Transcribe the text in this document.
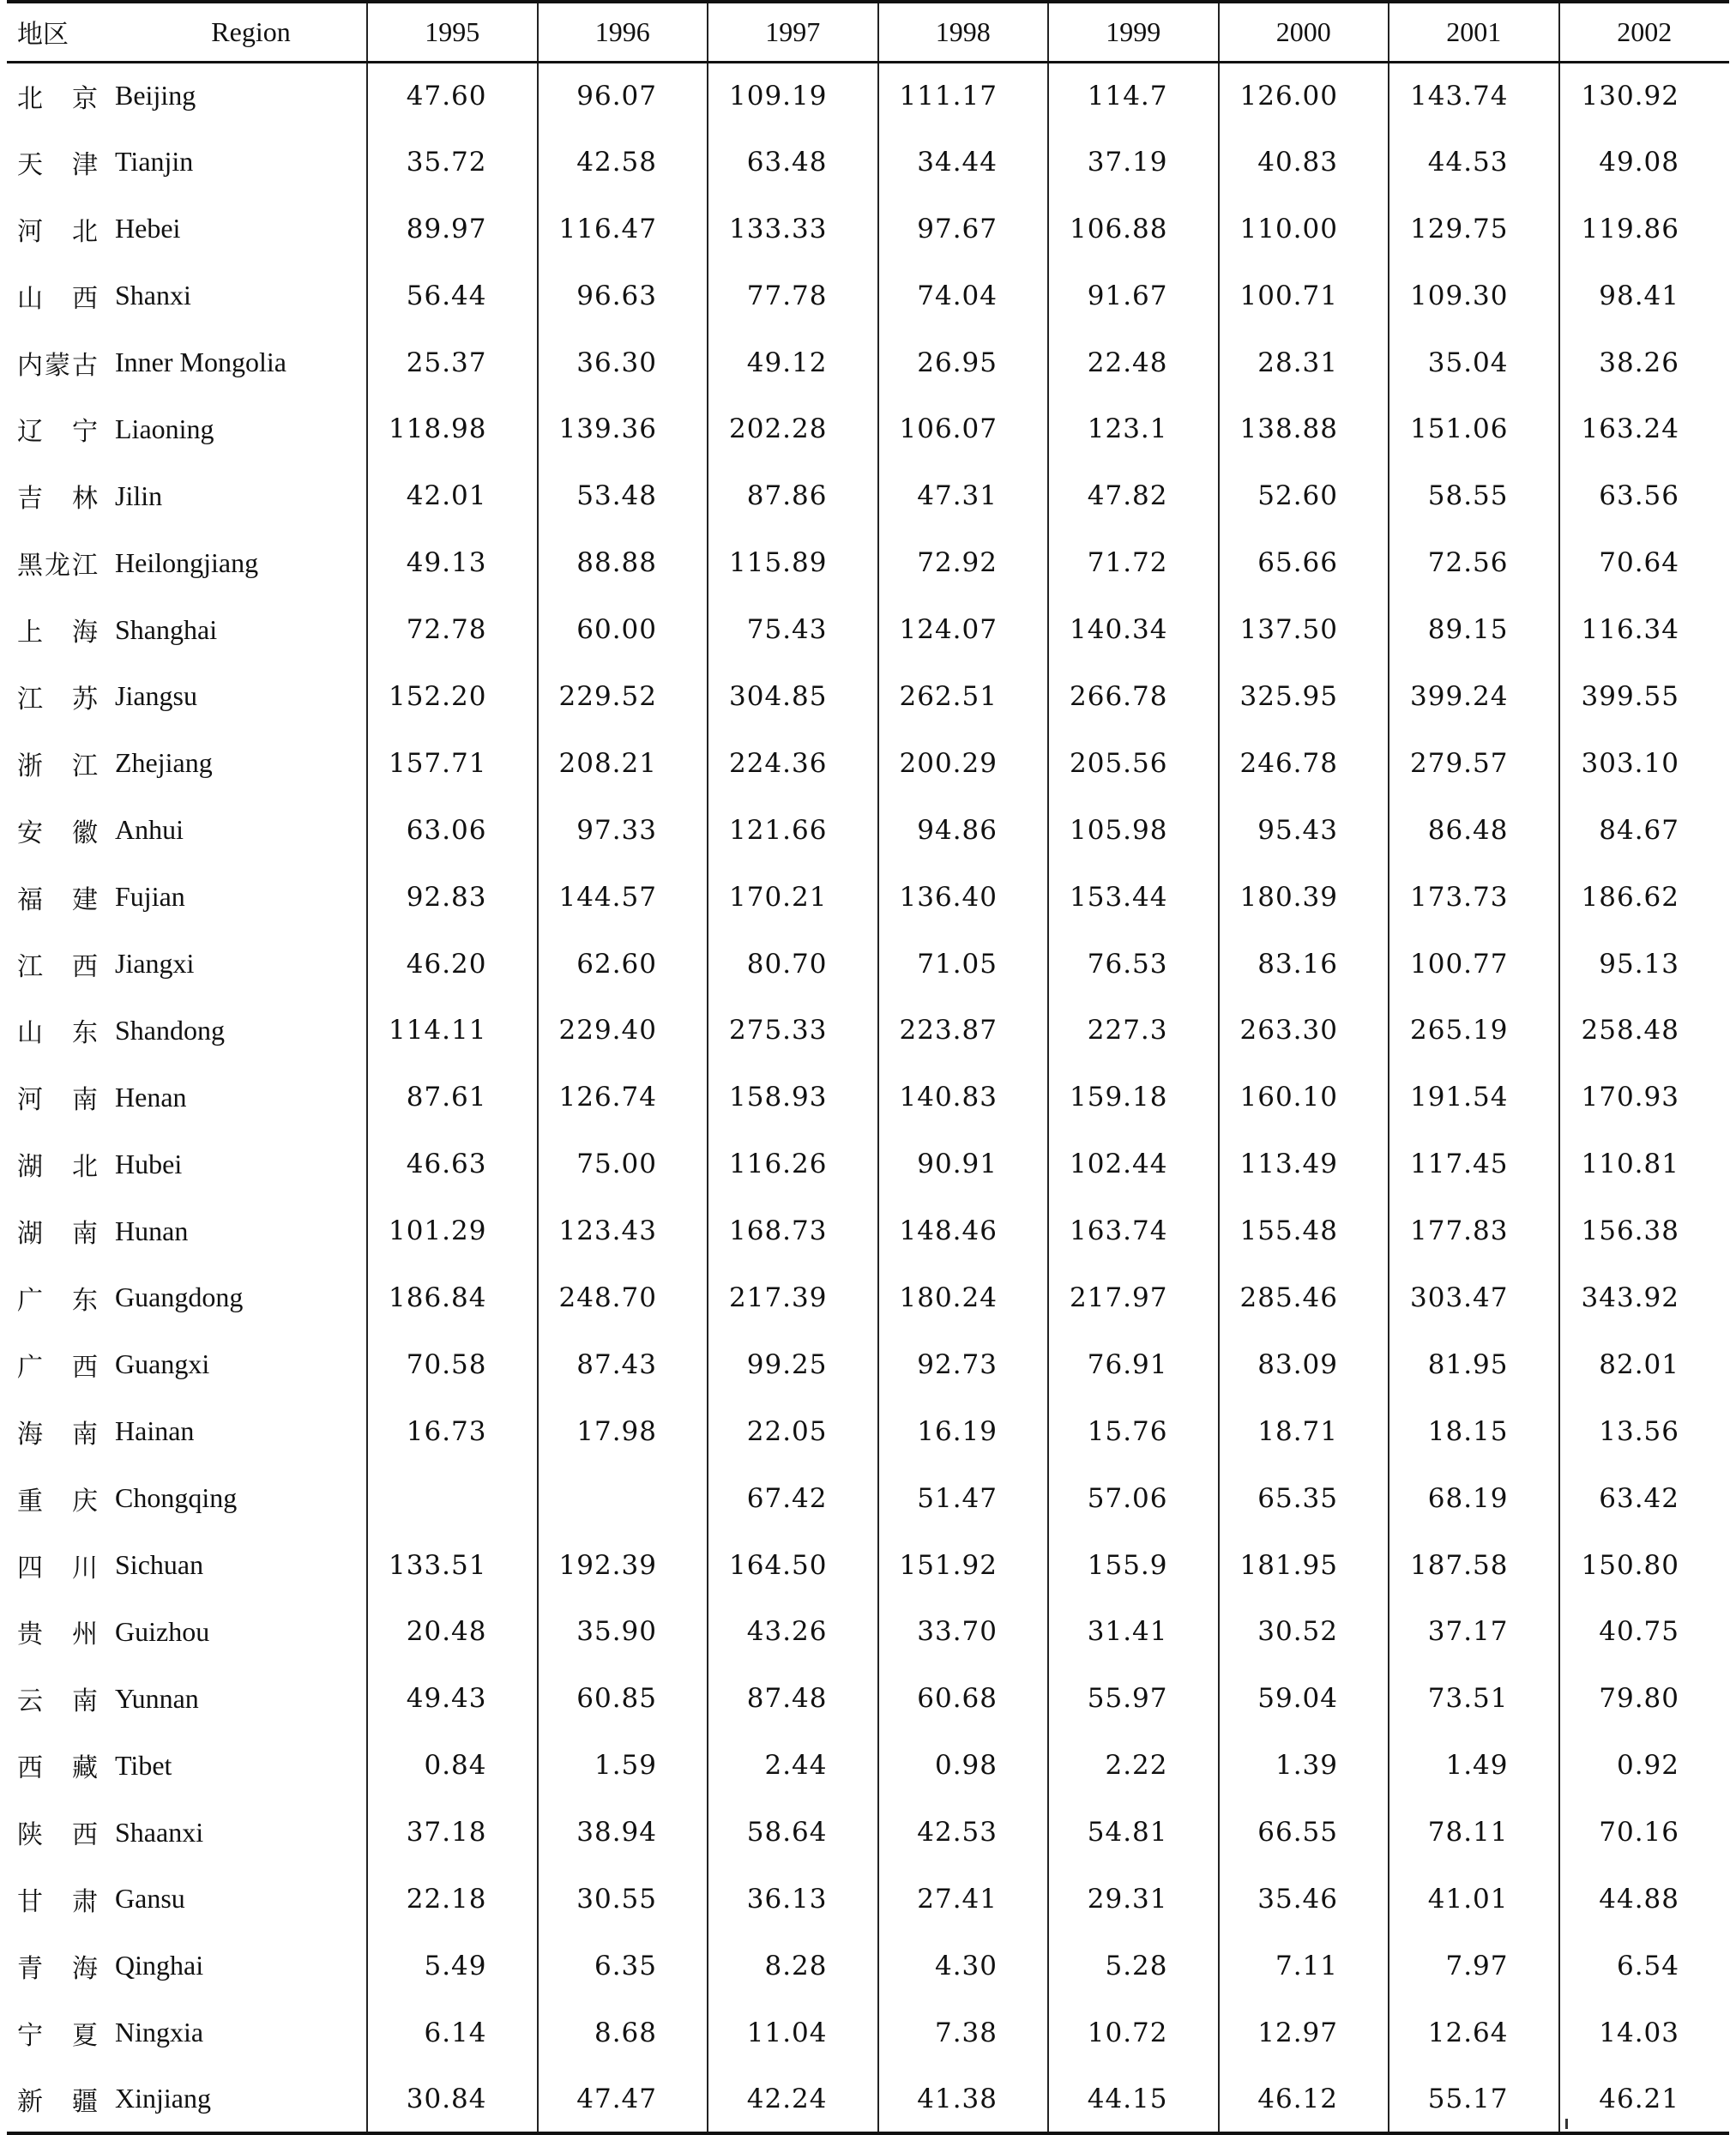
地区	Region	1995	1996	1997	1998	1999	2000	2001	2002
北　京	Beijing	47.60	96.07	109.19	111.17	114.7	126.00	143.74	130.92
天　津	Tianjin	35.72	42.58	63.48	34.44	37.19	40.83	44.53	49.08
河　北	Hebei	89.97	116.47	133.33	97.67	106.88	110.00	129.75	119.86
山　西	Shanxi	56.44	96.63	77.78	74.04	91.67	100.71	109.30	98.41
内蒙古	Inner Mongolia	25.37	36.30	49.12	26.95	22.48	28.31	35.04	38.26
辽　宁	Liaoning	118.98	139.36	202.28	106.07	123.1	138.88	151.06	163.24
吉　林	Jilin	42.01	53.48	87.86	47.31	47.82	52.60	58.55	63.56
黑龙江	Heilongjiang	49.13	88.88	115.89	72.92	71.72	65.66	72.56	70.64
上　海	Shanghai	72.78	60.00	75.43	124.07	140.34	137.50	89.15	116.34
江　苏	Jiangsu	152.20	229.52	304.85	262.51	266.78	325.95	399.24	399.55
浙　江	Zhejiang	157.71	208.21	224.36	200.29	205.56	246.78	279.57	303.10
安　徽	Anhui	63.06	97.33	121.66	94.86	105.98	95.43	86.48	84.67
福　建	Fujian	92.83	144.57	170.21	136.40	153.44	180.39	173.73	186.62
江　西	Jiangxi	46.20	62.60	80.70	71.05	76.53	83.16	100.77	95.13
山　东	Shandong	114.11	229.40	275.33	223.87	227.3	263.30	265.19	258.48
河　南	Henan	87.61	126.74	158.93	140.83	159.18	160.10	191.54	170.93
湖　北	Hubei	46.63	75.00	116.26	90.91	102.44	113.49	117.45	110.81
湖　南	Hunan	101.29	123.43	168.73	148.46	163.74	155.48	177.83	156.38
广　东	Guangdong	186.84	248.70	217.39	180.24	217.97	285.46	303.47	343.92
广　西	Guangxi	70.58	87.43	99.25	92.73	76.91	83.09	81.95	82.01
海　南	Hainan	16.73	17.98	22.05	16.19	15.76	18.71	18.15	13.56
重　庆	Chongqing			67.42	51.47	57.06	65.35	68.19	63.42
四　川	Sichuan	133.51	192.39	164.50	151.92	155.9	181.95	187.58	150.80
贵　州	Guizhou	20.48	35.90	43.26	33.70	31.41	30.52	37.17	40.75
云　南	Yunnan	49.43	60.85	87.48	60.68	55.97	59.04	73.51	79.80
西　藏	Tibet	0.84	1.59	2.44	0.98	2.22	1.39	1.49	0.92
陕　西	Shaanxi	37.18	38.94	58.64	42.53	54.81	66.55	78.11	70.16
甘　肃	Gansu	22.18	30.55	36.13	27.41	29.31	35.46	41.01	44.88
青　海	Qinghai	5.49	6.35	8.28	4.30	5.28	7.11	7.97	6.54
宁　夏	Ningxia	6.14	8.68	11.04	7.38	10.72	12.97	12.64	14.03
新　疆	Xinjiang	30.84	47.47	42.24	41.38	44.15	46.12	55.17	46.21
